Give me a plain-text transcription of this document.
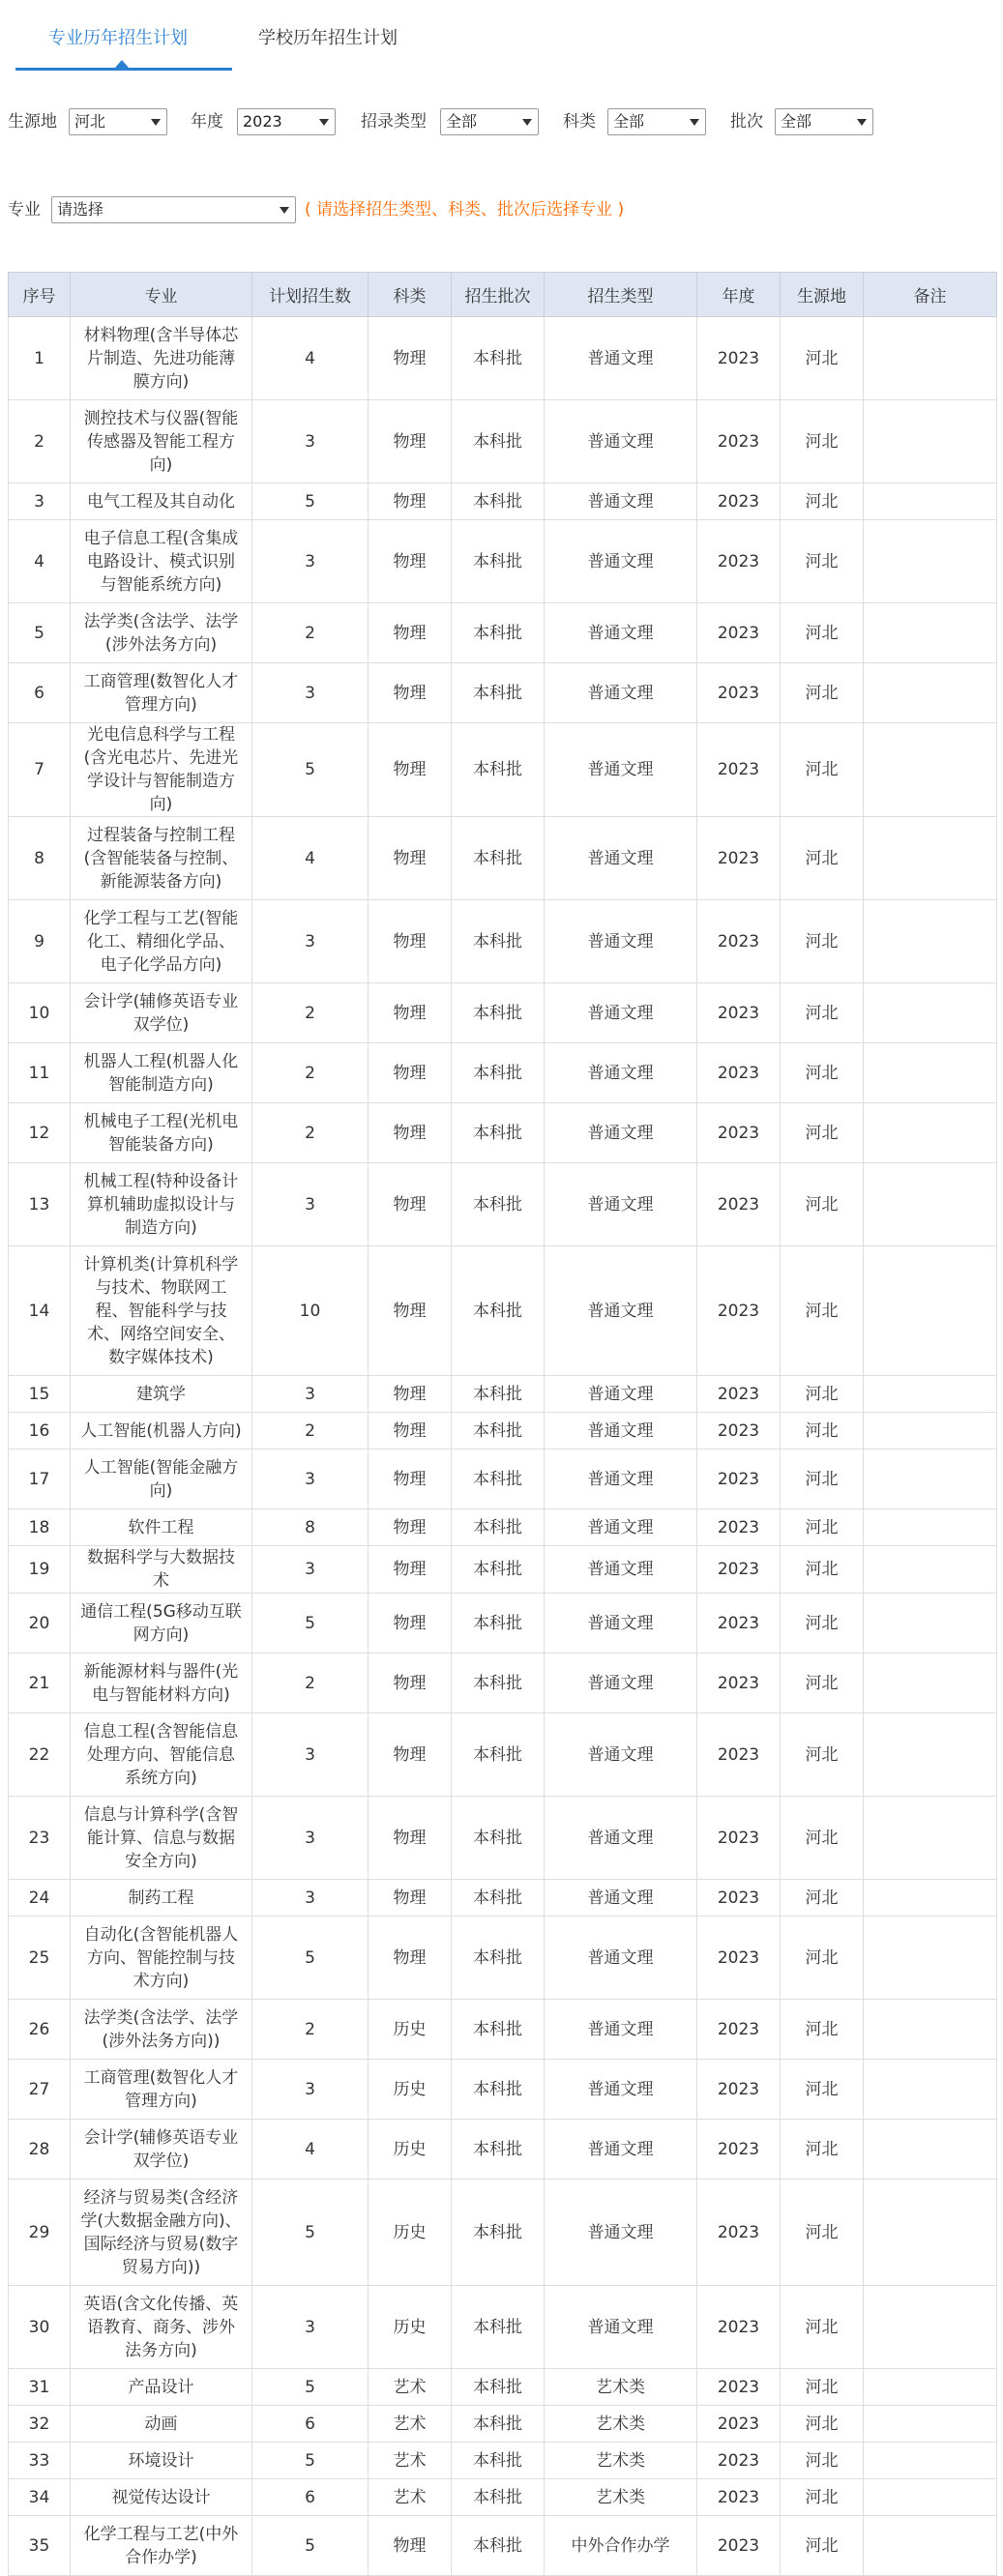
专业历年招生计划	学校历年招生计划
生源地	河北	年度	2023	招录类型	全部	科类	全部	批次	全部
专业	请选择	( 请选择招生类型、科类、批次后选择专业 )
序号	专业	计划招生数	科类	招生批次	招生类型	年度	生源地	备注
1	材料物理(含半导体芯片制造、先进功能薄膜方向)	4	物理	本科批	普通文理	2023	河北	
2	测控技术与仪器(智能传感器及智能工程方向)	3	物理	本科批	普通文理	2023	河北	
3	电气工程及其自动化	5	物理	本科批	普通文理	2023	河北	
4	电子信息工程(含集成电路设计、模式识别与智能系统方向)	3	物理	本科批	普通文理	2023	河北	
5	法学类(含法学、法学(涉外法务方向)	2	物理	本科批	普通文理	2023	河北	
6	工商管理(数智化人才管理方向)	3	物理	本科批	普通文理	2023	河北	
7	光电信息科学与工程(含光电芯片、先进光学设计与智能制造方向)	5	物理	本科批	普通文理	2023	河北	
8	过程装备与控制工程(含智能装备与控制、新能源装备方向)	4	物理	本科批	普通文理	2023	河北	
9	化学工程与工艺(智能化工、精细化学品、电子化学品方向)	3	物理	本科批	普通文理	2023	河北	
10	会计学(辅修英语专业双学位)	2	物理	本科批	普通文理	2023	河北	
11	机器人工程(机器人化智能制造方向)	2	物理	本科批	普通文理	2023	河北	
12	机械电子工程(光机电智能装备方向)	2	物理	本科批	普通文理	2023	河北	
13	机械工程(特种设备计算机辅助虚拟设计与制造方向)	3	物理	本科批	普通文理	2023	河北	
14	计算机类(计算机科学与技术、物联网工程、智能科学与技术、网络空间安全、数字媒体技术)	10	物理	本科批	普通文理	2023	河北	
15	建筑学	3	物理	本科批	普通文理	2023	河北	
16	人工智能(机器人方向)	2	物理	本科批	普通文理	2023	河北	
17	人工智能(智能金融方向)	3	物理	本科批	普通文理	2023	河北	
18	软件工程	8	物理	本科批	普通文理	2023	河北	
19	数据科学与大数据技术	3	物理	本科批	普通文理	2023	河北	
20	通信工程(5G移动互联网方向)	5	物理	本科批	普通文理	2023	河北	
21	新能源材料与器件(光电与智能材料方向)	2	物理	本科批	普通文理	2023	河北	
22	信息工程(含智能信息处理方向、智能信息系统方向)	3	物理	本科批	普通文理	2023	河北	
23	信息与计算科学(含智能计算、信息与数据安全方向)	3	物理	本科批	普通文理	2023	河北	
24	制药工程	3	物理	本科批	普通文理	2023	河北	
25	自动化(含智能机器人方向、智能控制与技术方向)	5	物理	本科批	普通文理	2023	河北	
26	法学类(含法学、法学(涉外法务方向))	2	历史	本科批	普通文理	2023	河北	
27	工商管理(数智化人才管理方向)	3	历史	本科批	普通文理	2023	河北	
28	会计学(辅修英语专业双学位)	4	历史	本科批	普通文理	2023	河北	
29	经济与贸易类(含经济学(大数据金融方向)、国际经济与贸易(数字贸易方向))	5	历史	本科批	普通文理	2023	河北	
30	英语(含文化传播、英语教育、商务、涉外法务方向)	3	历史	本科批	普通文理	2023	河北	
31	产品设计	5	艺术	本科批	艺术类	2023	河北	
32	动画	6	艺术	本科批	艺术类	2023	河北	
33	环境设计	5	艺术	本科批	艺术类	2023	河北	
34	视觉传达设计	6	艺术	本科批	艺术类	2023	河北	
35	化学工程与工艺(中外合作办学)	5	物理	本科批	中外合作办学	2023	河北	
